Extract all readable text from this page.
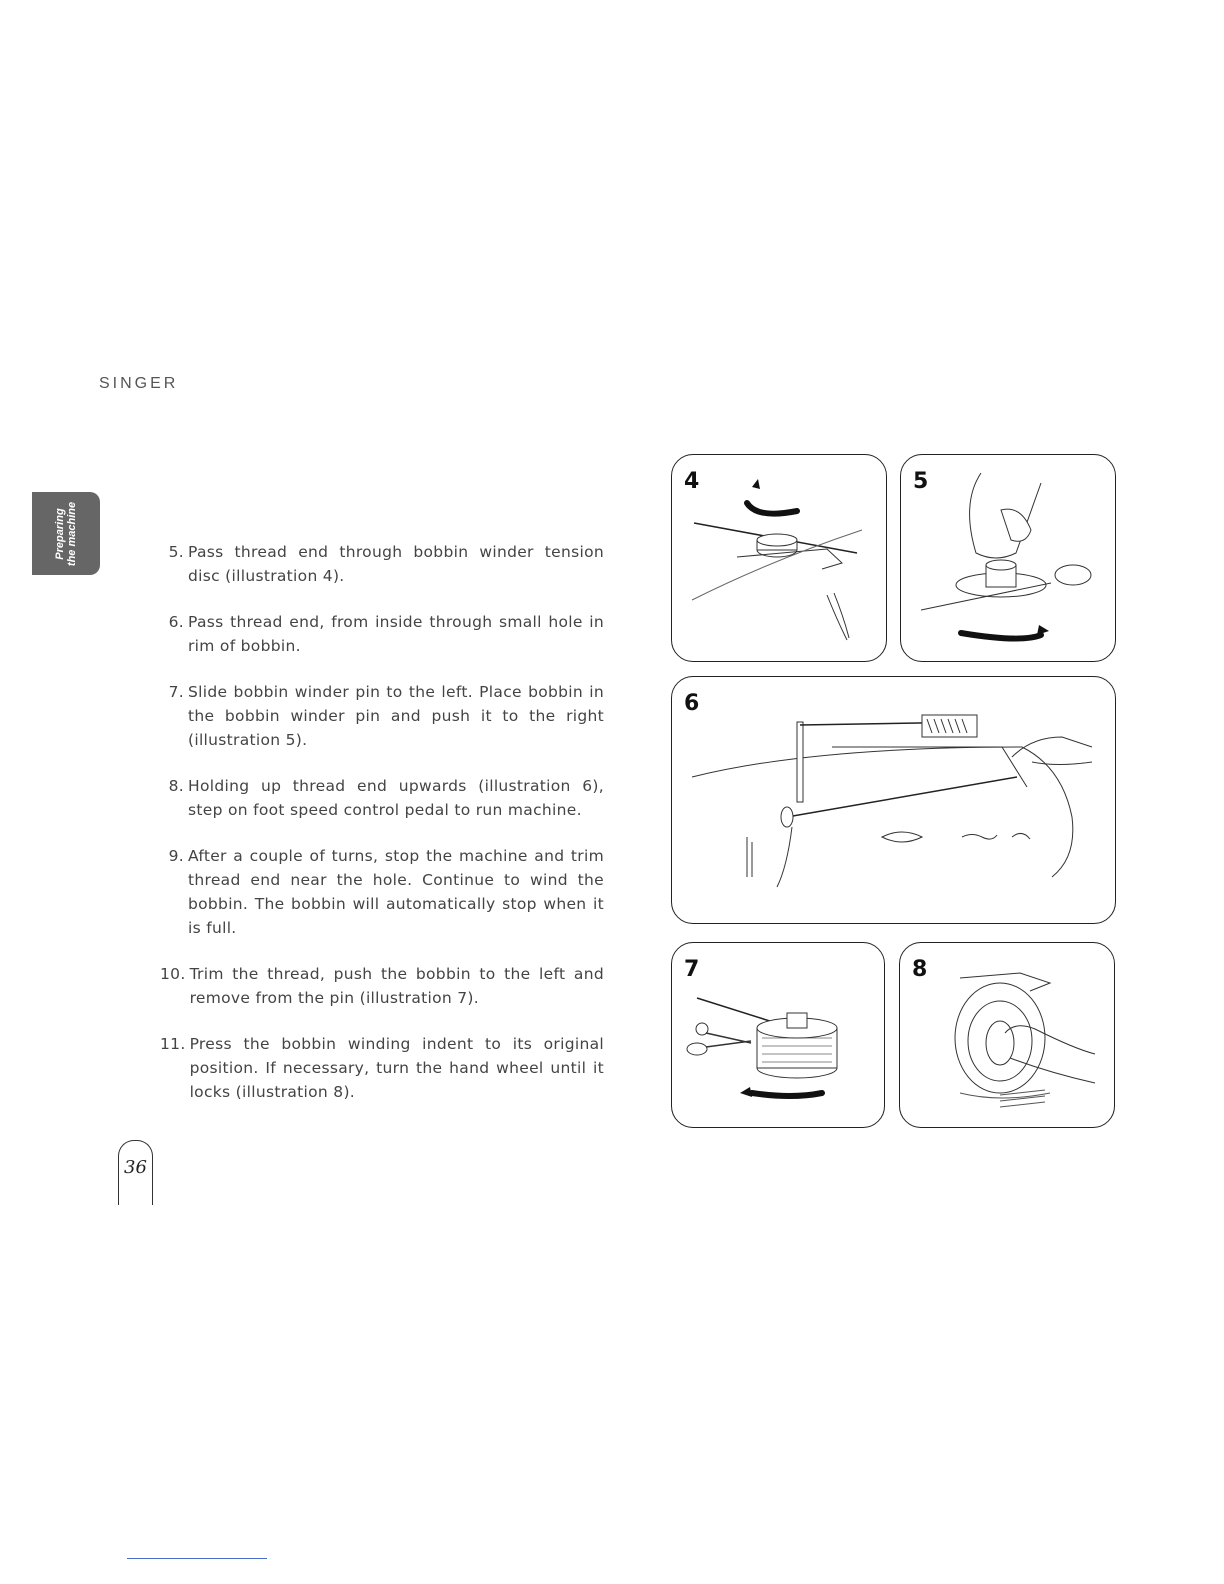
SINGER
Preparing the machine	5. Pass thread end through bobbin winder tension disc (illustration 4).
6. Pass thread end, from inside through small hole in rim of bobbin.
7. Slide bobbin winder pin to the left. Place bobbin in the bobbin winder pin and push it to the right (illustration 5).
8. Holding up thread end upwards (illustration 6), step on foot speed control pedal to run machine.
9. After a couple of turns, stop the machine and trim thread end near the hole. Continue to wind the bobbin. The bobbin will automatically stop when it is full.
10. Trim the thread, push the bobbin to the left and remove from the pin (illustration 7).
11. Press the bobbin winding indent to its original position. If necessary, turn the hand wheel until it locks (illustration 8).
4	5
6
7	8
36
